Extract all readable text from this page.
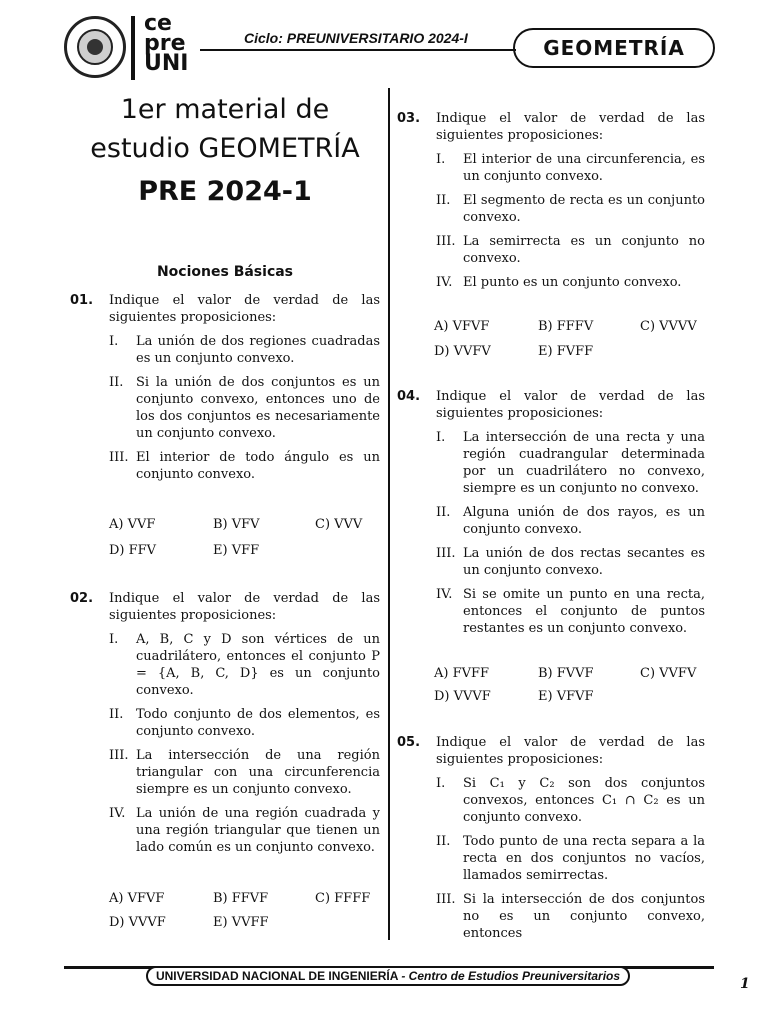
ce
pre
UNI
Ciclo: PREUNIVERSITARIO 2024-I	GEOMETRÍA
1er material de
estudio GEOMETRÍA
PRE 2024-1
Nociones Básicas
01. Indique el valor de verdad de las siguientes proposiciones:
I. La unión de dos regiones cuadradas es un conjunto convexo.
II. Si la unión de dos conjuntos es un conjunto convexo, entonces uno de los dos conjuntos es necesariamente un conjunto convexo.
III. El interior de todo ángulo es un conjunto convexo.
A) VVF	B) VFV	C) VVV
D) FFV	E) VFF
02. Indique el valor de verdad de las siguientes proposiciones:
I. A, B, C y D son vértices de un cuadrilátero, entonces el conjunto P = {A, B, C, D} es un conjunto convexo.
II. Todo conjunto de dos elementos, es conjunto convexo.
III. La intersección de una región triangular con una circunferencia siempre es un conjunto convexo.
IV. La unión de una región cuadrada y una región triangular que tienen un lado común es un conjunto convexo.
A) VFVF	B) FFVF	C) FFFF
D) VVVF	E) VVFF
03. Indique el valor de verdad de las siguientes proposiciones:
I. El interior de una circunferencia, es un conjunto convexo.
II. El segmento de recta es un conjunto convexo.
III. La semirrecta es un conjunto no convexo.
IV. El punto es un conjunto convexo.
A) VFVF	B) FFFV	C) VVVV
D) VVFV	E) FVFF
04. Indique el valor de verdad de las siguientes proposiciones:
I. La intersección de una recta y una región cuadrangular determinada por un cuadrilátero no convexo, siempre es un conjunto no convexo.
II. Alguna unión de dos rayos, es un conjunto convexo.
III. La unión de dos rectas secantes es un conjunto convexo.
IV. Si se omite un punto en una recta, entonces el conjunto de puntos restantes es un conjunto convexo.
A) FVFF	B) FVVF	C) VVFV
D) VVVF	E) VFVF
05. Indique el valor de verdad de las siguientes proposiciones:
I. Si C₁ y C₂ son dos conjuntos convexos, entonces C₁ ∩ C₂ es un conjunto convexo.
II. Todo punto de una recta separa a la recta en dos conjuntos no vacíos, llamados semirrectas.
III. Si la intersección de dos conjuntos no es un conjunto convexo, entonces
UNIVERSIDAD NACIONAL DE INGENIERÍA - Centro de Estudios Preuniversitarios	1
